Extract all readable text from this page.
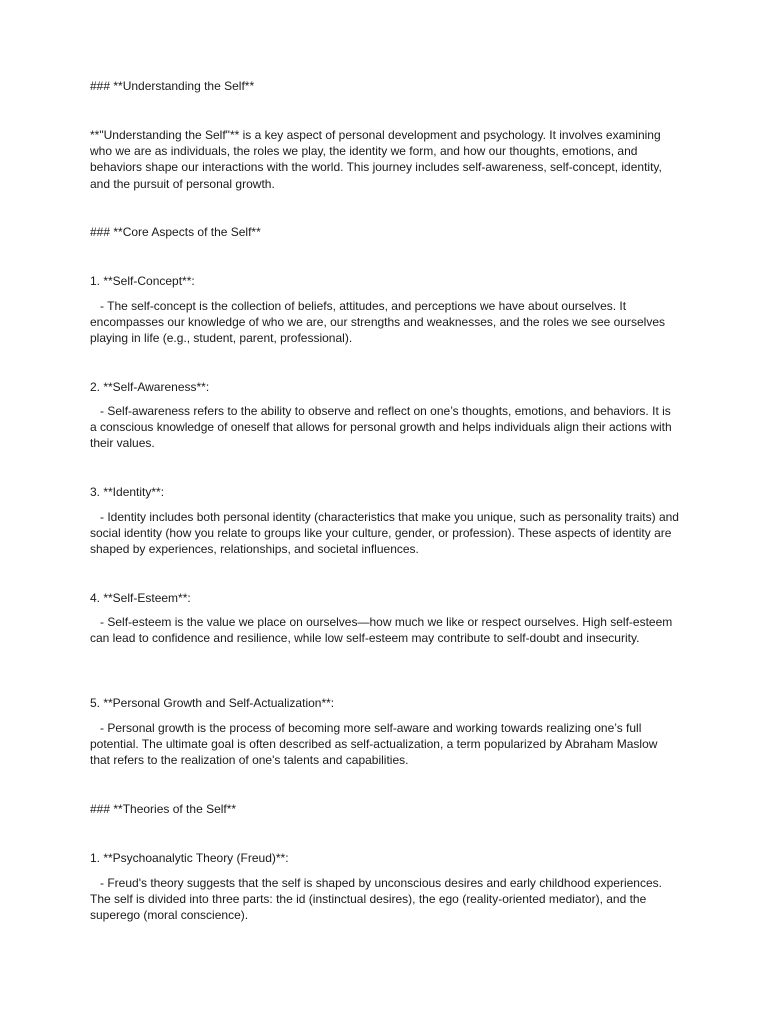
### **Understanding the Self**

**"Understanding the Self"** is a key aspect of personal development and psychology. It involves examining who we are as individuals, the roles we play, the identity we form, and how our thoughts, emotions, and behaviors shape our interactions with the world. This journey includes self-awareness, self-concept, identity, and the pursuit of personal growth.

### **Core Aspects of the Self**

1. **Self-Concept**:

- The self-concept is the collection of beliefs, attitudes, and perceptions we have about ourselves. It encompasses our knowledge of who we are, our strengths and weaknesses, and the roles we see ourselves playing in life (e.g., student, parent, professional).

2. **Self-Awareness**:

- Self-awareness refers to the ability to observe and reflect on one’s thoughts, emotions, and behaviors. It is a conscious knowledge of oneself that allows for personal growth and helps individuals align their actions with their values.

3. **Identity**:

- Identity includes both personal identity (characteristics that make you unique, such as personality traits) and social identity (how you relate to groups like your culture, gender, or profession). These aspects of identity are shaped by experiences, relationships, and societal influences.

4. **Self-Esteem**:

- Self-esteem is the value we place on ourselves—how much we like or respect ourselves. High self-esteem can lead to confidence and resilience, while low self-esteem may contribute to self-doubt and insecurity.

5. **Personal Growth and Self-Actualization**:

- Personal growth is the process of becoming more self-aware and working towards realizing one’s full potential. The ultimate goal is often described as self-actualization, a term popularized by Abraham Maslow that refers to the realization of one's talents and capabilities.

### **Theories of the Self**

1. **Psychoanalytic Theory (Freud)**:

- Freud's theory suggests that the self is shaped by unconscious desires and early childhood experiences. The self is divided into three parts: the id (instinctual desires), the ego (reality-oriented mediator), and the superego (moral conscience).
